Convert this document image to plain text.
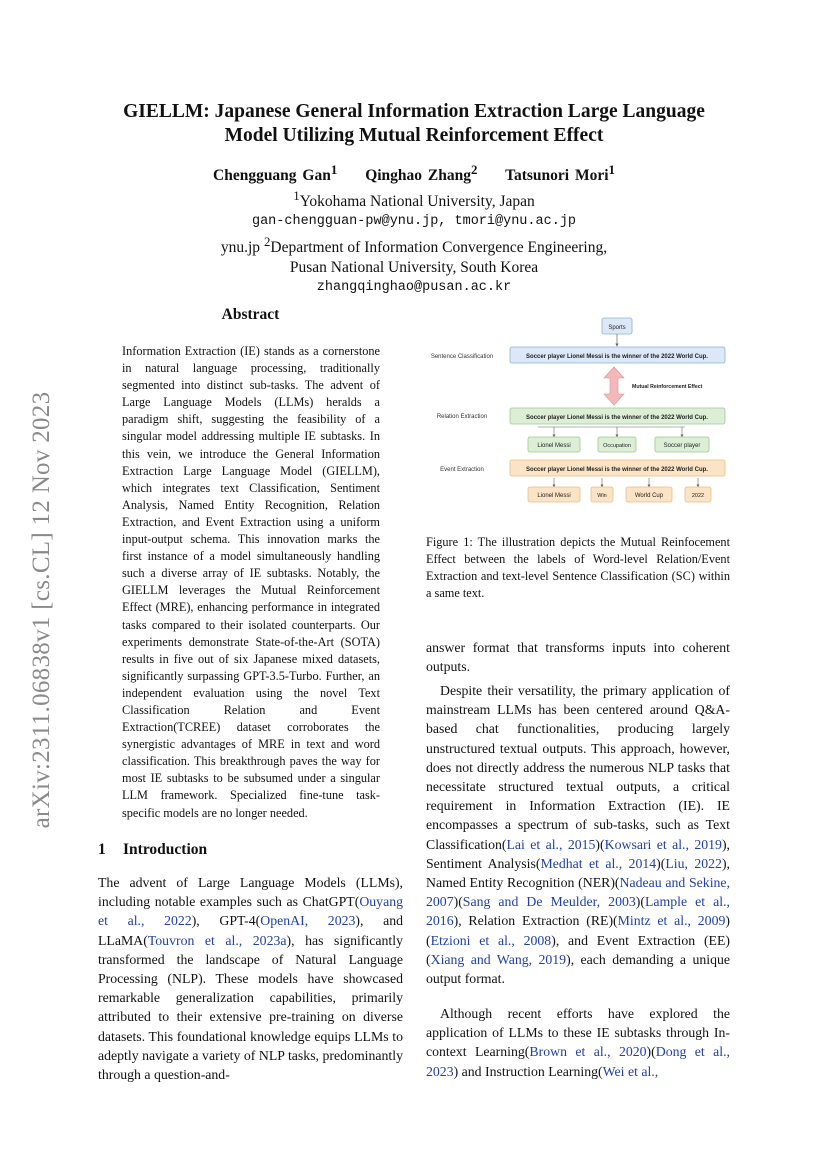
GIELLM: Japanese General Information Extraction Large Language
Model Utilizing Mutual Reinforcement Effect
Chengguang Gan$^1$ Qinghao Zhang$^2$ Tatsunori Mori$^1$
$^1$Yokohama National University, Japan
gan-chengguan-pw@ynu.jp, tmori@ynu.ac.jp
ynu.jp $^2$Department of Information Convergence Engineering,
Pusan National University, South Korea
zhangqinghao@pusan.ac.kr
arXiv:2311.06838v1 [cs.CL] 12 Nov 2023
Abstract
Information Extraction (IE) stands as a cornerstone in natural language processing, traditionally segmented into distinct sub-tasks. The advent of Large Language Models (LLMs) heralds a paradigm shift, suggesting the feasibility of a singular model addressing multiple IE subtasks. In this vein, we introduce the General Information Extraction Large Language Model (GIELLM), which integrates text Classification, Sentiment Analysis, Named Entity Recognition, Relation Extraction, and Event Extraction using a uniform input-output schema. This innovation marks the first instance of a model simultaneously handling such a diverse array of IE subtasks. Notably, the GIELLM leverages the Mutual Reinforcement Effect (MRE), enhancing performance in integrated tasks compared to their isolated counterparts. Our experiments demonstrate State-of-the-Art (SOTA) results in five out of six Japanese mixed datasets, significantly surpassing GPT-3.5-Turbo. Further, an independent evaluation using the novel Text Classification Relation and Event Extraction(TCREE) dataset corroborates the synergistic advantages of MRE in text and word classification. This breakthrough paves the way for most IE subtasks to be subsumed under a singular LLM framework. Specialized fine-tune task-specific models are no longer needed.
1 Introduction

The advent of Large Language Models (LLMs), including notable examples such as ChatGPT(Ouyang et al., 2022), GPT-4(OpenAI, 2023), and LLaMA(Touvron et al., 2023a), has significantly transformed the landscape of Natural Language Processing (NLP). These models have showcased remarkable generalization capabilities, primarily attributed to their extensive pre-training on diverse datasets. This foundational knowledge equips LLMs to adeptly navigate a variety of NLP tasks, predominantly through a question-and-

Sports
Sentence Classification	Soccer player Lionel Messi is the winner of the 2022 World Cup.
Mutual Reinforcement Effect
Relation Extraction	Soccer player Lionel Messi is the winner of the 2022 World Cup.
Lionel Messi	Occupation	Soccer player
Event Extraction	Soccer player Lionel Messi is the winner of the 2022 World Cup.
Lionel Messi	Win	World Cup	2022
Figure 1: The illustration depicts the Mutual Reinfocement Effect between the labels of Word-level Relation/Event Extraction and text-level Sentence Classification (SC) within a same text.

answer format that transforms inputs into coherent outputs.

Despite their versatility, the primary application of mainstream LLMs has been centered around Q&A-based chat functionalities, producing largely unstructured textual outputs. This approach, however, does not directly address the numerous NLP tasks that necessitate structured textual outputs, a critical requirement in Information Extraction (IE). IE encompasses a spectrum of sub-tasks, such as Text Classification(Lai et al., 2015)(Kowsari et al., 2019), Sentiment Analysis(Medhat et al., 2014)(Liu, 2022), Named Entity Recognition (NER)(Nadeau and Sekine, 2007)(Sang and De Meulder, 2003)(Lample et al., 2016), Relation Extraction (RE)(Mintz et al., 2009)(Etzioni et al., 2008), and Event Extraction (EE)(Xiang and Wang, 2019), each demanding a unique output format.

Although recent efforts have explored the application of LLMs to these IE subtasks through In-context Learning(Brown et al., 2020)(Dong et al., 2023) and Instruction Learning(Wei et al.,
